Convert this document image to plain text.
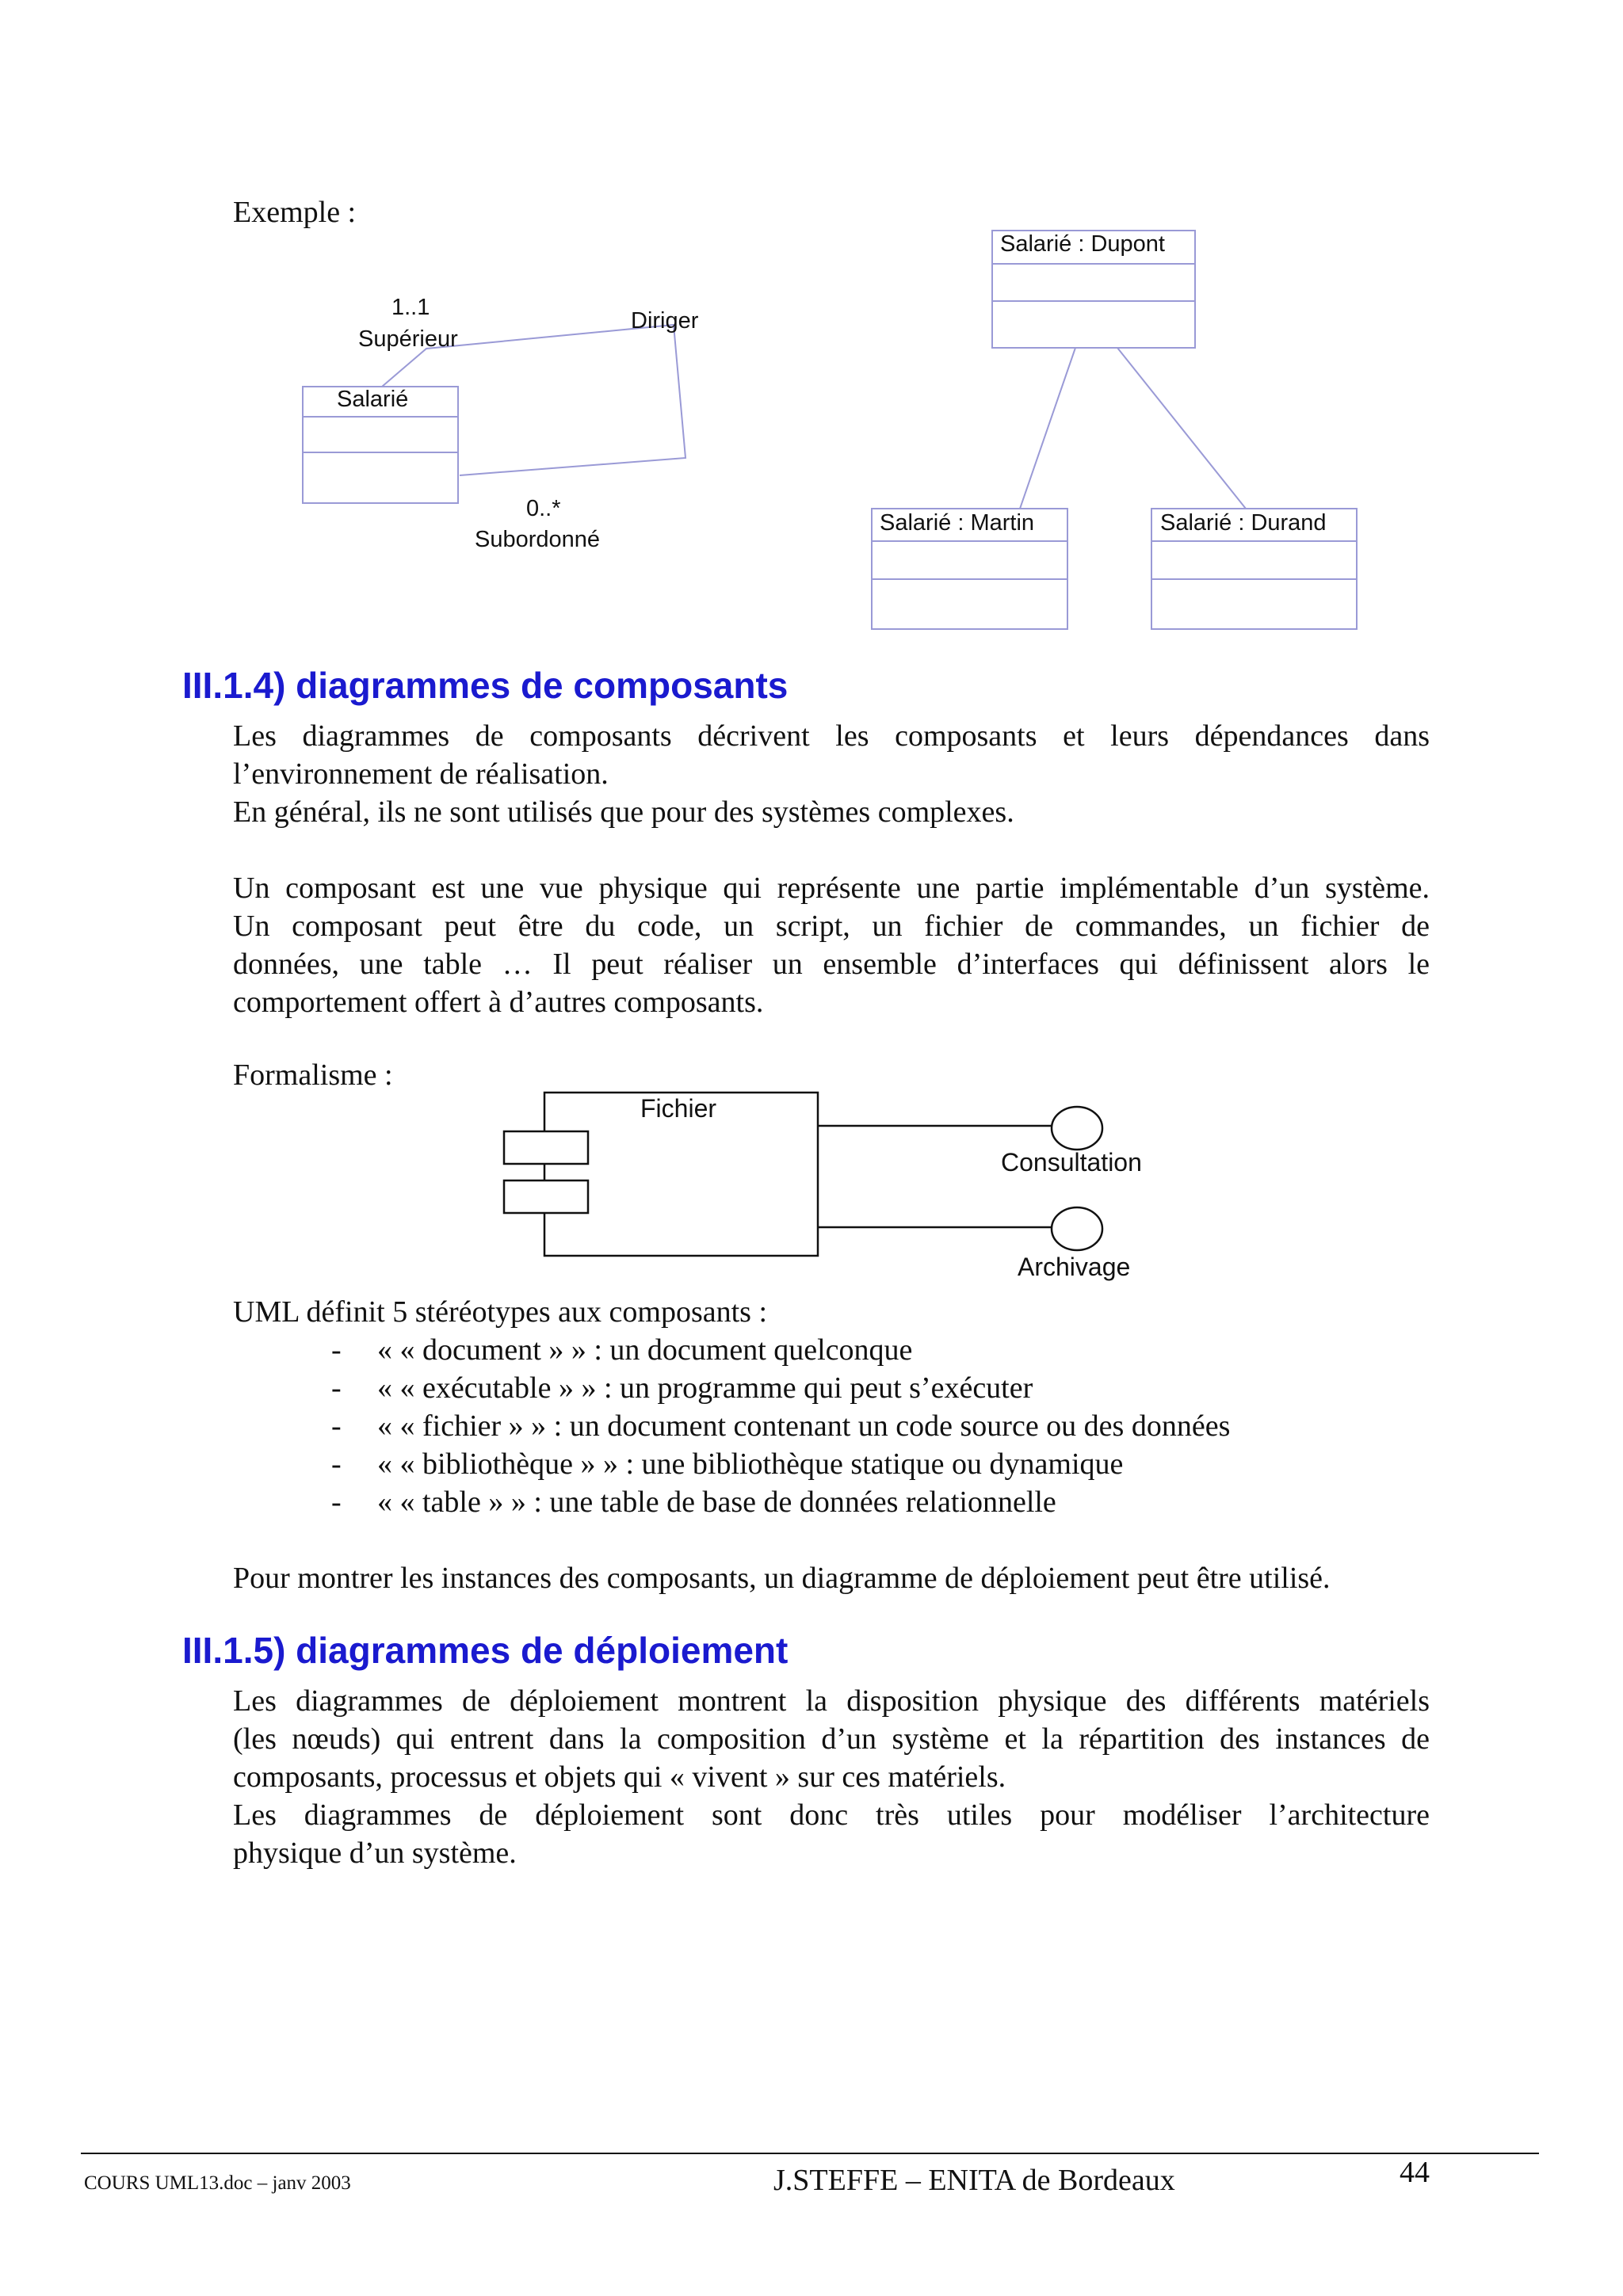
Exemple :
1..1
Supérieur
Diriger
Salarié
0..*
Subordonné
Salarié : Dupont
Salarié : Martin	Salarié : Durand
III.1.4) diagrammes de composants
Les diagrammes de composants décrivent les composants et leurs dépendances dans
l’environnement de réalisation.
En général, ils ne sont utilisés que pour des systèmes complexes.
Un composant est une vue physique qui représente une partie implémentable d’un système.
Un composant peut être du code, un script, un fichier de commandes, un fichier de
données, une table … Il peut réaliser un ensemble d’interfaces qui définissent alors le
comportement offert à d’autres composants.
Formalisme :
Fichier
Consultation
Archivage
UML définit 5 stéréotypes aux composants :
- « « document » » : un document quelconque
- « « exécutable » » : un programme qui peut s’exécuter
- « « fichier » » : un document contenant un code source ou des données
- « « bibliothèque » » : une bibliothèque statique ou dynamique
- « « table » » : une table de base de données relationnelle
Pour montrer les instances des composants, un diagramme de déploiement peut être utilisé.
III.1.5) diagrammes de déploiement
Les diagrammes de déploiement montrent la disposition physique des différents matériels
(les nœuds) qui entrent dans la composition d’un système et la répartition des instances de
composants, processus et objets qui « vivent » sur ces matériels.
Les diagrammes de déploiement sont donc très utiles pour modéliser l’architecture
physique d’un système.
COURS UML13.doc – janv 2003	J.STEFFE – ENITA de Bordeaux	44
